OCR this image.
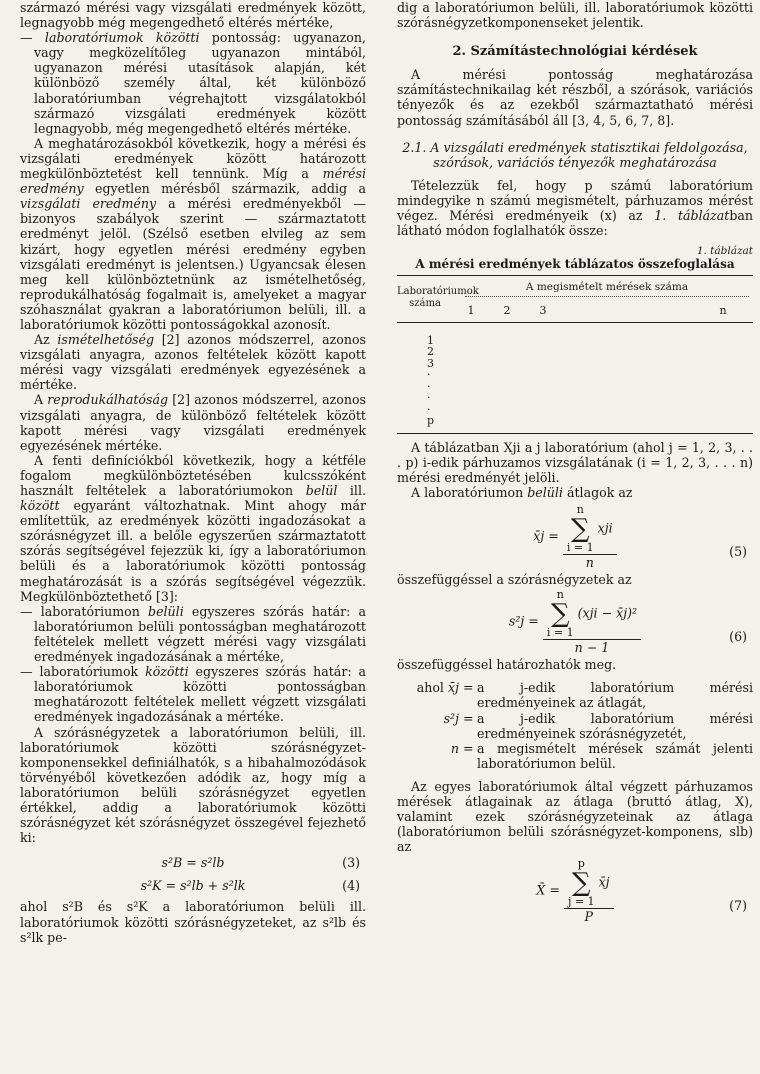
származó mérési vagy vizsgálati eredmények között, legnagyobb még megengedhető eltérés mértéke,

— laboratóriumok közötti pontosság: ugyanazon, vagy megközelítőleg ugyanazon mintából, ugyanazon mérési utasítások alapján, két különböző személy által, két különböző laboratóriumban végrehajtott vizsgálatokból származó vizsgálati eredmények között legnagyobb, még megengedhető eltérés mértéke.

A meghatározásokból következik, hogy a mérési és vizsgálati eredmények között határozott megkülönböztetést kell tennünk. Míg a mérési eredmény egyetlen mérésből származik, addig a vizsgálati eredmény a mérési eredményekből — bizonyos szabályok szerint — származtatott eredményt jelöl. (Szélső esetben elvileg az sem kizárt, hogy egyetlen mérési eredmény egyben vizsgálati eredményt is jelentsen.) Ugyancsak élesen meg kell különböztetnünk az ismételhetőség, reprodukálhatóság fogalmait is, amelyeket a magyar szóhasználat gyakran a laboratóriumon belüli, ill. a laboratóriumok közötti pontosságokkal azonosít.

Az ismételhetőség [2] azonos módszerrel, azonos vizsgálati anyagra, azonos feltételek között kapott mérési vagy vizsgálati eredmények egyezésének a mértéke.

A reprodukálhatóság [2] azonos módszerrel, azonos vizsgálati anyagra, de különböző feltételek között kapott mérési vagy vizsgálati eredmények egyezésének mértéke.

A fenti definíciókból következik, hogy a kétféle fogalom megkülönböztetésében kulcsszóként használt feltételek a laboratóriumokon belül ill. között egyaránt változhatnak. Mint ahogy már említettük, az eredmények közötti ingadozásokat a szórásnégyzet ill. a belőle egyszerűen származtatott szórás segítségével fejezzük ki, így a laboratóriumon belüli és a laboratóriumok közötti pontosság meghatározását is a szórás segítségével végezzük. Megkülönböztethető [3]:

— laboratóriumon belüli egyszeres szórás határ: a laboratóriumon belüli pontosságban meghatározott feltételek mellett végzett mérési vagy vizsgálati eredmények ingadozásának a mértéke,

— laboratóriumok közötti egyszeres szórás határ: a laboratóriumok közötti pontosságban meghatározott feltételek mellett végzett vizsgálati eredmények ingadozásának a mértéke.

A szórásnégyzetek a laboratóriumon belüli, ill. laboratóriumok közötti szórásnégyzet-komponensekkel definiálhatók, s a hibahalmozódások törvényéből következően adódik az, hogy míg a laboratóriumon belüli szórásnégyzet egyetlen értékkel, addig a laboratóriumok közötti szórásnégyzet két szórásnégyzet összegével fejezhető ki:

s²B = s²lb	(3)
s²K = s²lb + s²lk	(4)

ahol s²B és s²K a laboratóriumon belüli ill. laboratóriumok közötti szórásnégyzeteket, az s²lb és s²lk pe-

dig a laboratóriumon belüli, ill. laboratóriumok közötti szórásnégyzetkomponenseket jelentik.

2. Számítástechnológiai kérdések

A mérési pontosság meghatározása számítástechnikailag két részből, a szórások, variációs tényezők és az ezekből származtatható mérési pontosság számításából áll [3, 4, 5, 6, 7, 8].

2.1. A vizsgálati eredmények statisztikai feldolgozása, szórások, variációs tényezők meghatározása

Tételezzük fel, hogy p számú laboratórium mindegyike n számú megismételt, párhuzamos mérést végez. Mérési eredményeik (x) az 1. táblázatban látható módon foglalhatók össze:

1. táblázat
A mérési eredmények táblázatos összefoglalása
Laboratóriumok száma
A megismételt mérések száma
1	2	3	n
1
2
3
·
·
·
·
p

A táblázatban Xji a j laboratórium (ahol j = 1, 2, 3, . . . p) i-edik párhuzamos vizsgálatának (i = 1, 2, 3, . . . n) mérési eredményét jelöli.

A laboratóriumon belüli átlagok az

x̄j = n
∑
i = 1
xji
n	(5)

összefüggéssel a szórásnégyzetek az

s²j = n
∑
i = 1
(xji − x̄j)²
n − 1	(6)

összefüggéssel határozhatók meg.

ahol x̄j = a j-edik laboratórium mérési eredményeinek az átlagát,
s²j = a j-edik laboratórium mérési eredményeinek szórásnégyzetét,
n = a megismételt mérések számát jelenti laboratóriumon belül.

Az egyes laboratóriumok által végzett párhuzamos mérések átlagainak az átlaga (bruttó átlag, X), valamint ezek szórásnégyzeteinak az átlaga (laboratóriumon belüli szórásnégyzet-komponens, slb) az

X̄ = p
∑
j = 1
x̄j
P	(7)
